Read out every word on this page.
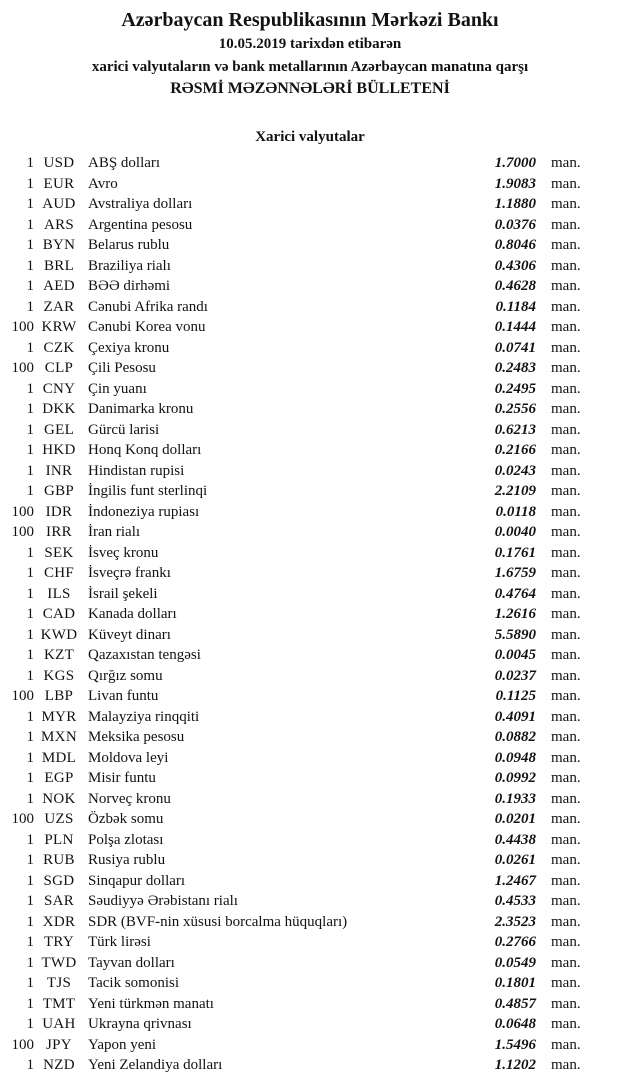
Azərbaycan Respublikasının Mərkəzi Bankı
10.05.2019 tarixdən etibarən
xarici valyutaların və bank metallarının Azərbaycan manatına qarşı
RƏSMİ MƏZƏNNƏLƏRİ BÜLLETENİ
Xarici valyutalar
1 USD ABŞ dolları	1.7000	man.
1 EUR Avro	1.9083	man.
1 AUD Avstraliya dolları	1.1880	man.
1 ARS Argentina pesosu	0.0376	man.
1 BYN Belarus rublu	0.8046	man.
1 BRL Braziliya rialı	0.4306	man.
1 AED BƏƏ dirhəmi	0.4628	man.
1 ZAR Cənubi Afrika randı	0.1184	man.
100 KRW Cənubi Korea vonu	0.1444	man.
1 CZK Çexiya kronu	0.0741	man.
100 CLP Çili Pesosu	0.2483	man.
1 CNY Çin yuanı	0.2495	man.
1 DKK Danimarka kronu	0.2556	man.
1 GEL Gürcü larisi	0.6213	man.
1 HKD Honq Konq dolları	0.2166	man.
1 INR	Hindistan rupisi	0.0243	man.
1 GBP İngilis funt sterlinqi	2.2109	man.
100 IDR	İndoneziya rupiası	0.0118	man.
100 IRR	İran rialı	0.0040	man.
1 SEK İsveç kronu	0.1761	man.
1 CHF İsveçrə frankı	1.6759	man.
1 ILS	İsrail şekeli	0.4764	man.
1 CAD Kanada dolları	1.2616	man.
1 KWD Küveyt dinarı	5.5890	man.
1 KZT Qazaxıstan tengəsi	0.0045	man.
1 KGS Qırğız somu	0.0237	man.
100 LBP Livan funtu	0.1125	man.
1 MYR Malayziya rinqqiti	0.4091	man.
1 MXN Meksika pesosu	0.0882	man.
1 MDL Moldova leyi	0.0948	man.
1 EGP Misir funtu	0.0992	man.
1 NOK Norveç kronu	0.1933	man.
100 UZS Özbək somu	0.0201	man.
1 PLN Polşa zlotası	0.4438	man.
1 RUB Rusiya rublu	0.0261	man.
1 SGD Sinqapur dolları	1.2467	man.
1 SAR Səudiyyə Ərəbistanı rialı	0.4533	man.
1 XDR SDR (BVF-nin xüsusi borcalma hüquqları)	2.3523	man.
1 TRY Türk lirəsi	0.2766	man.
1 TWD Tayvan dolları	0.0549	man.
1 TJS	Tacik somonisi	0.1801	man.
1 TMT Yeni türkmən manatı	0.4857	man.
1 UAH Ukrayna qrivnası	0.0648	man.
100 JPY	Yapon yeni	1.5496	man.
1 NZD Yeni Zelandiya dolları	1.1202	man.
